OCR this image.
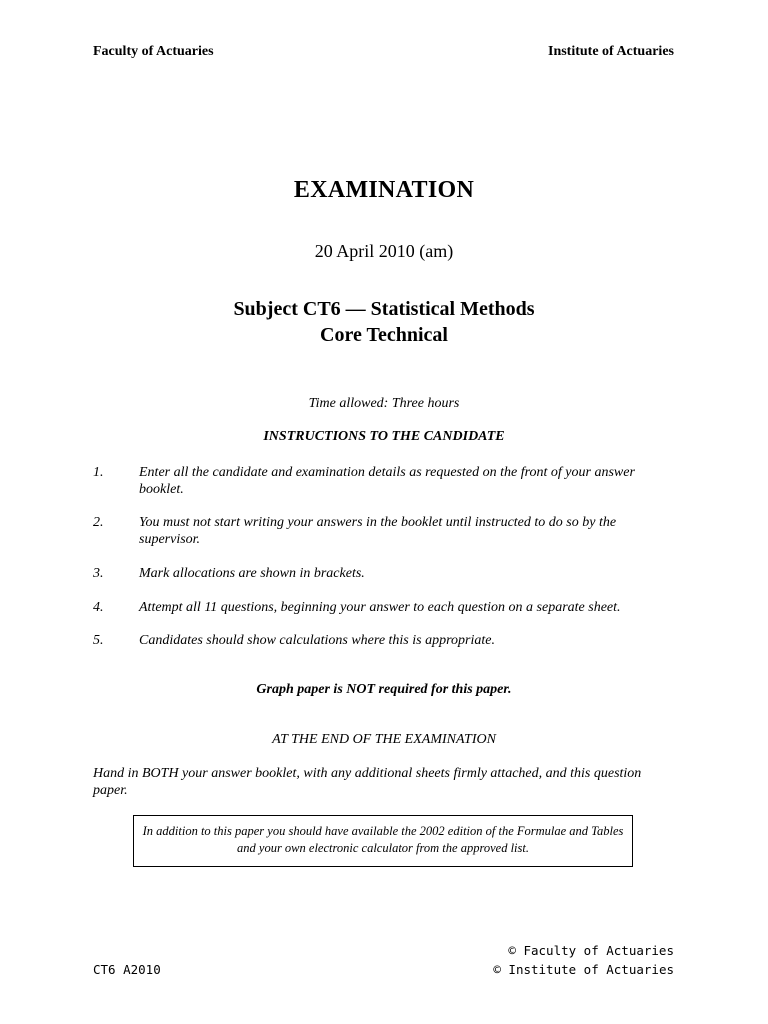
Faculty of Actuaries	Institute of Actuaries
EXAMINATION
20 April 2010 (am)
Subject CT6 — Statistical Methods
Core Technical
Time allowed: Three hours
INSTRUCTIONS TO THE CANDIDATE
1.	Enter all the candidate and examination details as requested on the front of your answer booklet.
2.	You must not start writing your answers in the booklet until instructed to do so by the supervisor.
3.	Mark allocations are shown in brackets.
4.	Attempt all 11 questions, beginning your answer to each question on a separate sheet.
5.	Candidates should show calculations where this is appropriate.
Graph paper is NOT required for this paper.
AT THE END OF THE EXAMINATION
Hand in BOTH your answer booklet, with any additional sheets firmly attached, and this question paper.
In addition to this paper you should have available the 2002 edition of the Formulae and Tables and your own electronic calculator from the approved list.
CT6 A2010
© Faculty of Actuaries
© Institute of Actuaries
